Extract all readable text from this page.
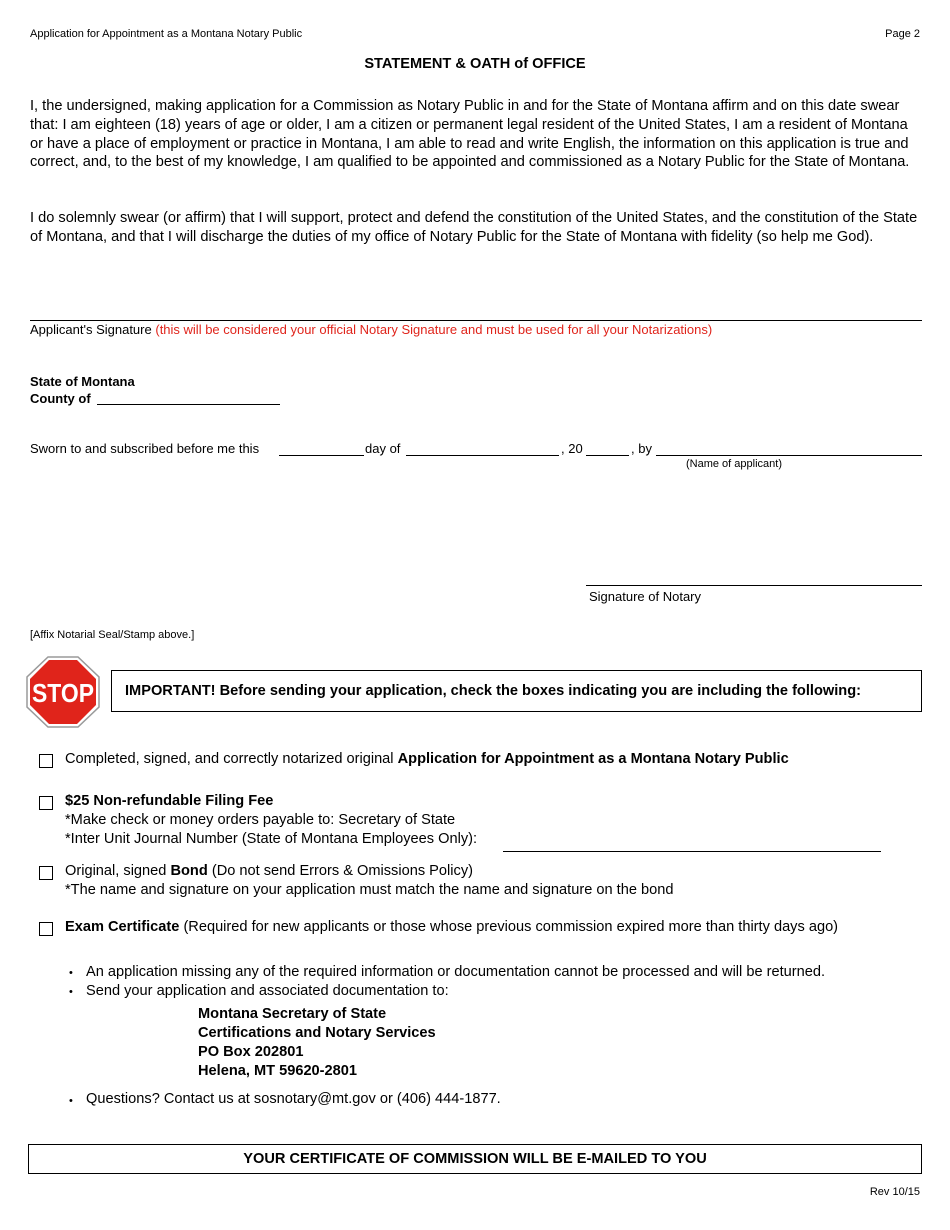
Application for Appointment as a Montana Notary Public	Page 2
STATEMENT & OATH of OFFICE
I, the undersigned, making application for a Commission as Notary Public in and for the State of Montana affirm and on this date swear that: I am eighteen (18) years of age or older, I am a citizen or permanent legal resident of the United States, I am a resident of Montana or have a place of employment or practice in Montana, I am able to read and write English, the information on this application is true and correct, and, to the best of my knowledge, I am qualified to be appointed and commissioned as a Notary Public for the State of Montana.
I do solemnly swear (or affirm) that I will support, protect and defend the constitution of the United States, and the constitution of the State of Montana, and that I will discharge the duties of my office of Notary Public for the State of Montana with fidelity (so help me God).
Applicant's Signature (this will be considered your official Notary Signature and must be used for all your Notarizations)
State of Montana
County of
Sworn to and subscribed before me this	day of	, 20	, by
(Name of applicant)
Signature of Notary
[Affix Notarial Seal/Stamp above.]
STOP IMPORTANT! Before sending your application, check the boxes indicating you are including the following:
Completed, signed, and correctly notarized original Application for Appointment as a Montana Notary Public
$25 Non-refundable Filing Fee
*Make check or money orders payable to: Secretary of State
*Inter Unit Journal Number (State of Montana Employees Only):
Original, signed Bond (Do not send Errors & Omissions Policy)
*The name and signature on your application must match the name and signature on the bond
Exam Certificate (Required for new applicants or those whose previous commission expired more than thirty days ago)
• An application missing any of the required information or documentation cannot be processed and will be returned.
• Send your application and associated documentation to:
Montana Secretary of State
Certifications and Notary Services
PO Box 202801
Helena, MT 59620-2801
• Questions? Contact us at sosnotary@mt.gov or (406) 444-1877.
YOUR CERTIFICATE OF COMMISSION WILL BE E-MAILED TO YOU
Rev 10/15
